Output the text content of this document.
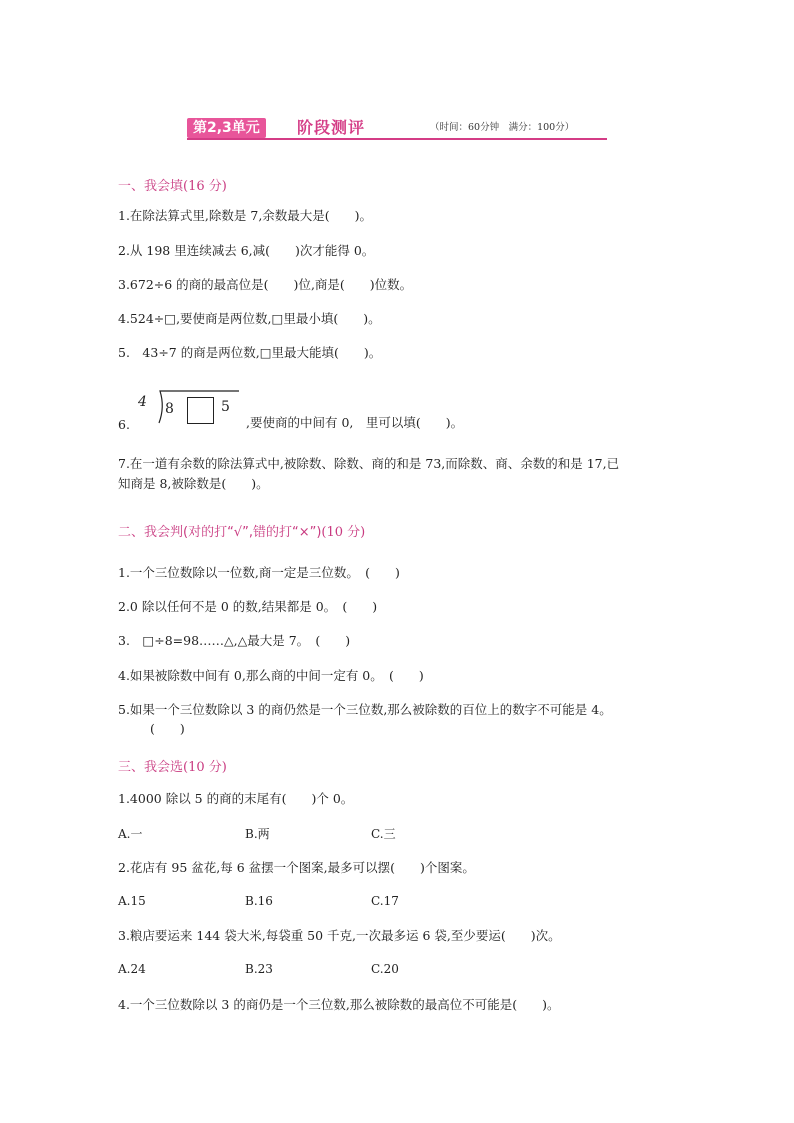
第2,3单元	阶段测评	（时间：60分钟　满分：100分）
一、我会填(16 分)
1.在除法算式里,除数是 7,余数最大是(　　)。
2.从 198 里连续减去 6,减(　　)次才能得 0。
3.672÷6 的商的最高位是(　　)位,商是(　　)位数。
4.524÷□,要使商是两位数,□里最小填(　　)。
5.　43÷7 的商是两位数,□里最大能填(　　)。
6.
4 8	5
,要使商的中间有 0,　里可以填(　　)。
7.在一道有余数的除法算式中,被除数、除数、商的和是 73,而除数、商、余数的和是 17,已
知商是 8,被除数是(　　)。
二、我会判(对的打“√”,错的打“×”)(10 分)
1.一个三位数除以一位数,商一定是三位数。　(　　)
2.0 除以任何不是 0 的数,结果都是 0。　(　　)
3.　□÷8=98……△,△最大是 7。　(　　)
4.如果被除数中间有 0,那么商的中间一定有 0。　(　　)
5.如果一个三位数除以 3 的商仍然是一个三位数,那么被除数的百位上的数字不可能是 4。
(　　)
三、我会选(10 分)
1.4000 除以 5 的商的末尾有(　　)个 0。
A.一	B.两	C.三
2.花店有 95 盆花,每 6 盆摆一个图案,最多可以摆(　　)个图案。
A.15	B.16	C.17
3.粮店要运来 144 袋大米,每袋重 50 千克,一次最多运 6 袋,至少要运(　　)次。
A.24	B.23	C.20
4.一个三位数除以 3 的商仍是一个三位数,那么被除数的最高位不可能是(　　)。
